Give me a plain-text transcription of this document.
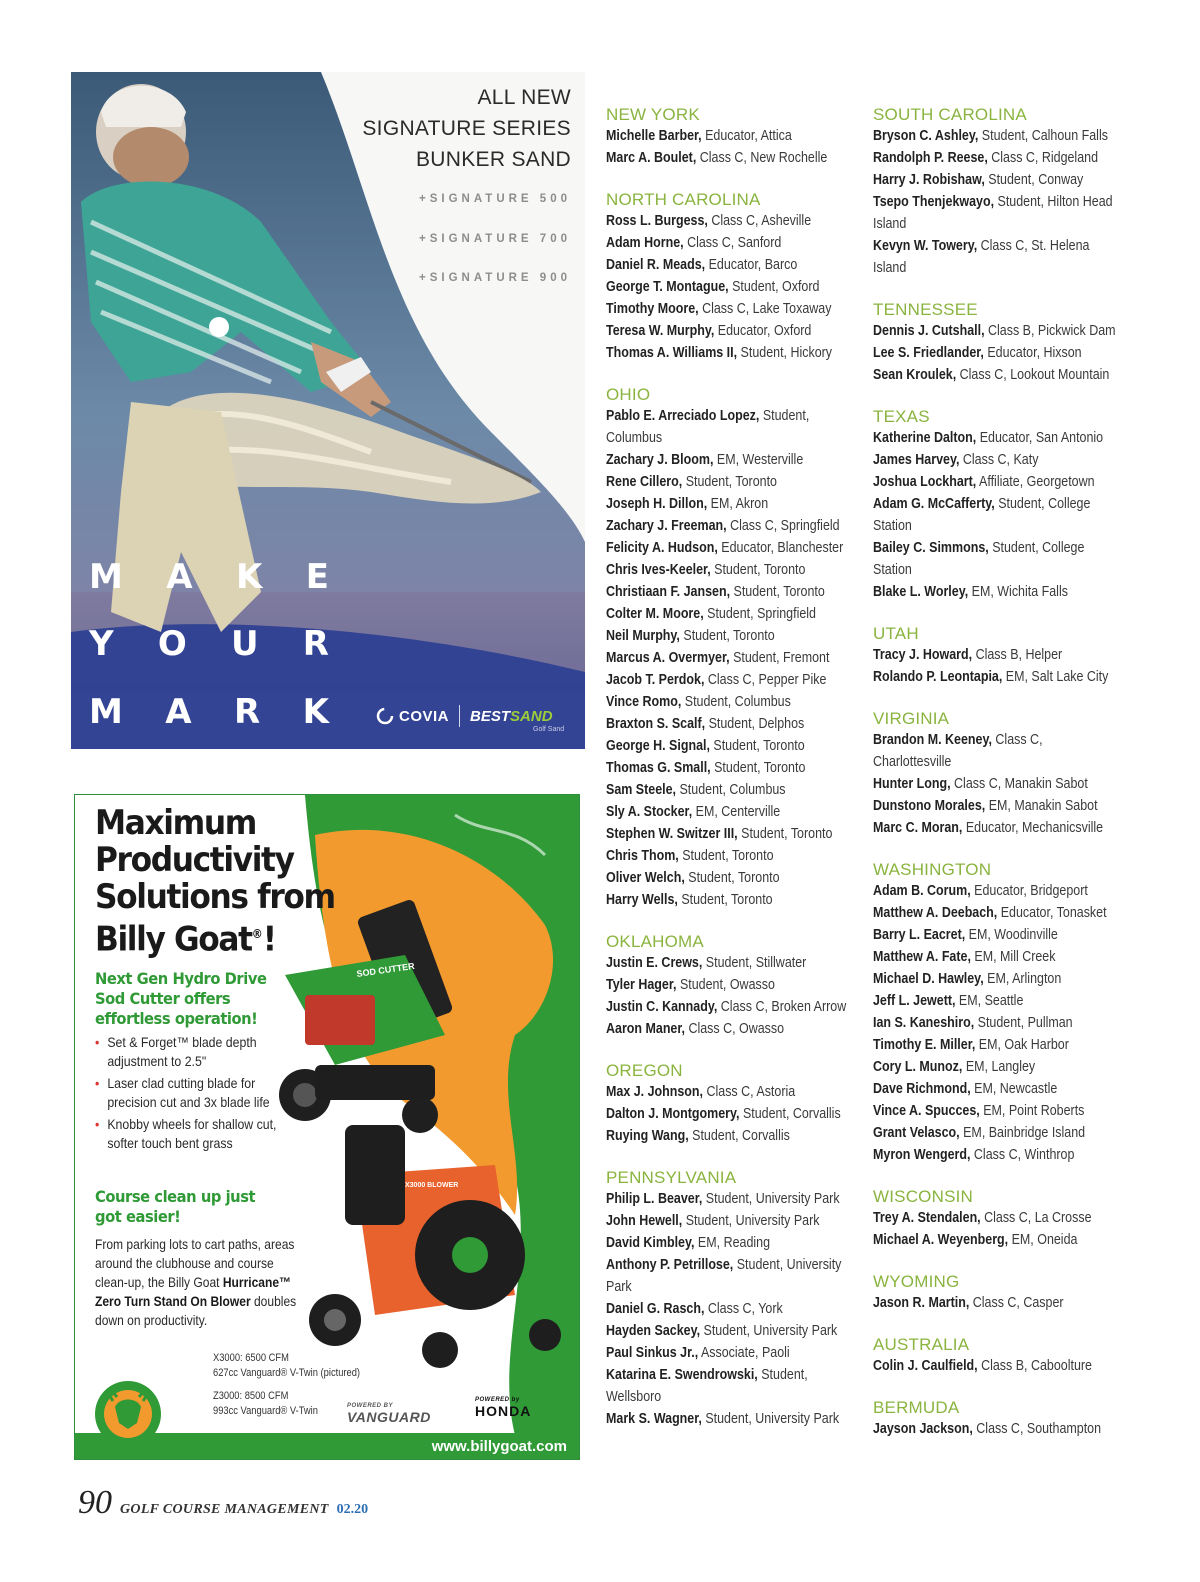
ALL NEW
SIGNATURE SERIES
BUNKER SAND
+SIGNATURE 500
+SIGNATURE 700
+SIGNATURE 900
M A K E
Y O U R
M A R K	COVIA BESTSAND
Golf Sand
SOD CUTTER
X3000 BLOWER
Maximum
Productivity
Solutions from
Billy Goat®!
Next Gen Hydro Drive
Sod Cutter offers
effortless operation!
• Set & Forget™ blade depth adjustment to 2.5"
• Laser clad cutting blade for precision cut and 3x blade life
• Knobby wheels for shallow cut, softer touch bent grass
Course clean up just
got easier!
From parking lots to cart paths, areas around the clubhouse and course clean-up, the Billy Goat Hurricane™ Zero Turn Stand On Blower doubles down on productivity.
X3000: 6500 CFM
627cc Vanguard® V-Twin (pictured)
Z3000: 8500 CFM
993cc Vanguard® V-Twin	POWERED BY
VANGUARD
POWERED by
HONDA
www.billygoat.com
NEW YORK
Michelle Barber, Educator, Attica
Marc A. Boulet, Class C, New Rochelle
NORTH CAROLINA
Ross L. Burgess, Class C, Asheville
Adam Horne, Class C, Sanford
Daniel R. Meads, Educator, Barco
George T. Montague, Student, Oxford
Timothy Moore, Class C, Lake Toxaway
Teresa W. Murphy, Educator, Oxford
Thomas A. Williams II, Student, Hickory
OHIO
Pablo E. Arreciado Lopez, Student, Columbus
Zachary J. Bloom, EM, Westerville
Rene Cillero, Student, Toronto
Joseph H. Dillon, EM, Akron
Zachary J. Freeman, Class C, Springfield
Felicity A. Hudson, Educator, Blanchester
Chris Ives-Keeler, Student, Toronto
Christiaan F. Jansen, Student, Toronto
Colter M. Moore, Student, Springfield
Neil Murphy, Student, Toronto
Marcus A. Overmyer, Student, Fremont
Jacob T. Perdok, Class C, Pepper Pike
Vince Romo, Student, Columbus
Braxton S. Scalf, Student, Delphos
George H. Signal, Student, Toronto
Thomas G. Small, Student, Toronto
Sam Steele, Student, Columbus
Sly A. Stocker, EM, Centerville
Stephen W. Switzer III, Student, Toronto
Chris Thom, Student, Toronto
Oliver Welch, Student, Toronto
Harry Wells, Student, Toronto
OKLAHOMA
Justin E. Crews, Student, Stillwater
Tyler Hager, Student, Owasso
Justin C. Kannady, Class C, Broken Arrow
Aaron Maner, Class C, Owasso
OREGON
Max J. Johnson, Class C, Astoria
Dalton J. Montgomery, Student, Corvallis
Ruying Wang, Student, Corvallis
PENNSYLVANIA
Philip L. Beaver, Student, University Park
John Hewell, Student, University Park
David Kimbley, EM, Reading
Anthony P. Petrillose, Student, University Park
Daniel G. Rasch, Class C, York
Hayden Sackey, Student, University Park
Paul Sinkus Jr., Associate, Paoli
Katarina E. Swendrowski, Student, Wellsboro
Mark S. Wagner, Student, University Park
SOUTH CAROLINA
Bryson C. Ashley, Student, Calhoun Falls
Randolph P. Reese, Class C, Ridgeland
Harry J. Robishaw, Student, Conway
Tsepo Thenjekwayo, Student, Hilton Head Island
Kevyn W. Towery, Class C, St. Helena Island
TENNESSEE
Dennis J. Cutshall, Class B, Pickwick Dam
Lee S. Friedlander, Educator, Hixson
Sean Kroulek, Class C, Lookout Mountain
TEXAS
Katherine Dalton, Educator, San Antonio
James Harvey, Class C, Katy
Joshua Lockhart, Affiliate, Georgetown
Adam G. McCafferty, Student, College Station
Bailey C. Simmons, Student, College Station
Blake L. Worley, EM, Wichita Falls
UTAH
Tracy J. Howard, Class B, Helper
Rolando P. Leontapia, EM, Salt Lake City
VIRGINIA
Brandon M. Keeney, Class C, Charlottesville
Hunter Long, Class C, Manakin Sabot
Dunstono Morales, EM, Manakin Sabot
Marc C. Moran, Educator, Mechanicsville
WASHINGTON
Adam B. Corum, Educator, Bridgeport
Matthew A. Deebach, Educator, Tonasket
Barry L. Eacret, EM, Woodinville
Matthew A. Fate, EM, Mill Creek
Michael D. Hawley, EM, Arlington
Jeff L. Jewett, EM, Seattle
Ian S. Kaneshiro, Student, Pullman
Timothy E. Miller, EM, Oak Harbor
Cory L. Munoz, EM, Langley
Dave Richmond, EM, Newcastle
Vince A. Spucces, EM, Point Roberts
Grant Velasco, EM, Bainbridge Island
Myron Wengerd, Class C, Winthrop
WISCONSIN
Trey A. Stendalen, Class C, La Crosse
Michael A. Weyenberg, EM, Oneida
WYOMING
Jason R. Martin, Class C, Casper
AUSTRALIA
Colin J. Caulfield, Class B, Caboolture
BERMUDA
Jayson Jackson, Class C, Southampton
90 GOLF COURSE MANAGEMENT 02.20
